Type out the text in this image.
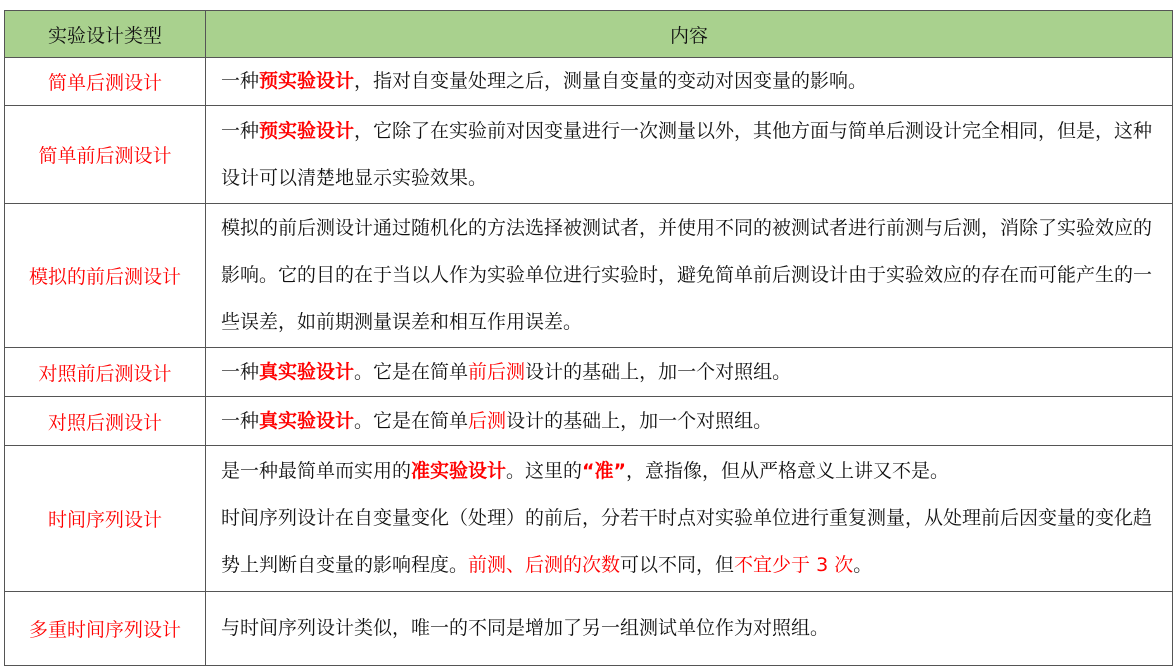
实验设计类型	内容
简单后测设计	一种预实验设计，指对自变量处理之后，测量自变量的变动对因变量的影响。
简单前后测设计	一种预实验设计，它除了在实验前对因变量进行一次测量以外，其他方面与简单后测设计完全相同，但是，这种设计可以清楚地显示实验效果。
模拟的前后测设计	模拟的前后测设计通过随机化的方法选择被测试者，并使用不同的被测试者进行前测与后测，消除了实验效应的影响。它的目的在于当以人作为实验单位进行实验时，避免简单前后测设计由于实验效应的存在而可能产生的一些误差，如前期测量误差和相互作用误差。
对照前后测设计	一种真实验设计。它是在简单前后测设计的基础上，加一个对照组。
对照后测设计	一种真实验设计。它是在简单后测设计的基础上，加一个对照组。
时间序列设计	是一种最简单而实用的准实验设计。这里的“准”，意指像，但从严格意义上讲又不是。
时间序列设计在自变量变化（处理）的前后，分若干时点对实验单位进行重复测量，从处理前后因变量的变化趋势上判断自变量的影响程度。前测、后测的次数可以不同，但不宜少于 3 次。
多重时间序列设计	与时间序列设计类似，唯一的不同是增加了另一组测试单位作为对照组。
